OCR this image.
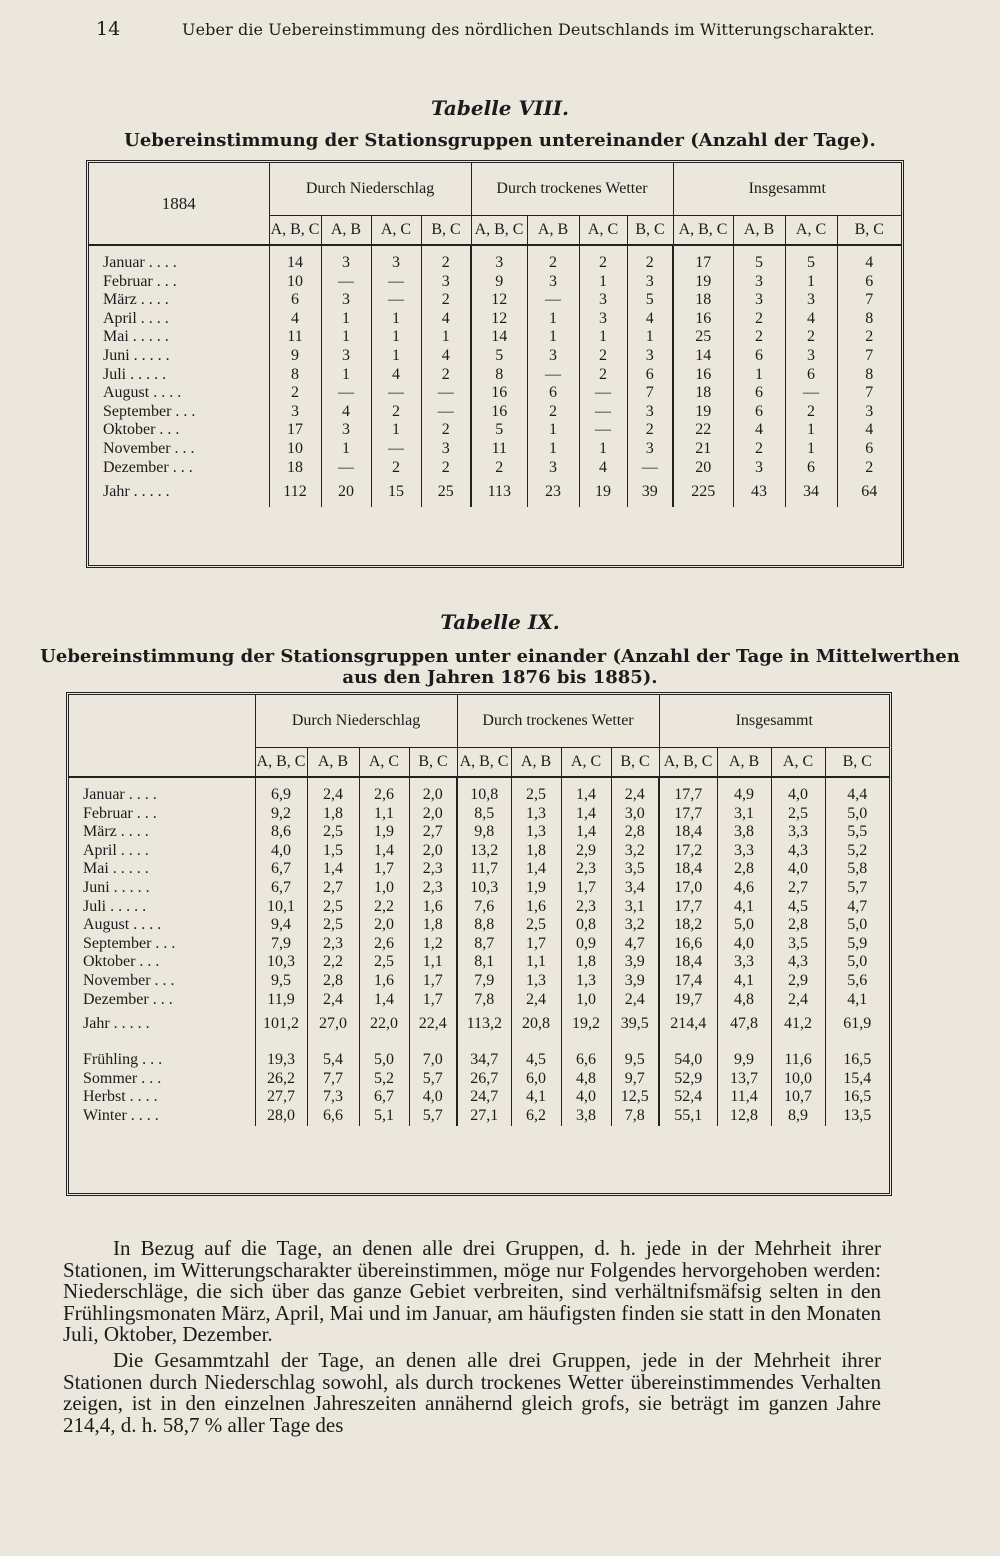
14	Ueber die Uebereinstimmung des nördlichen Deutschlands im Witterungscharakter.
Tabelle VIII.
Uebereinstimmung der Stationsgruppen untereinander (Anzahl der Tage).
1884	Durch Niederschlag				Durch trockenes Wetter				Insgesammt			
	A, B, C	A, B	A, C	B, C	A, B, C	A, B	A, C	B, C	A, B, C	A, B	A, C	B, C

Januar . . . .	14	3	3	2	3	2	2	2	17	5	5	4
Februar . . .	10	—	—	3	9	3	1	3	19	3	1	6
März . . . .	6	3	—	2	12	—	3	5	18	3	3	7
April . . . .	4	1	1	4	12	1	3	4	16	2	4	8
Mai . . . . .	11	1	1	1	14	1	1	1	25	2	2	2
Juni . . . . .	9	3	1	4	5	3	2	3	14	6	3	7
Juli . . . . .	8	1	4	2	8	—	2	6	16	1	6	8
August . . . .	2	—	—	—	16	6	—	7	18	6	—	7
September . . .	3	4	2	—	16	2	—	3	19	6	2	3
Oktober . . .	17	3	1	2	5	1	—	2	22	4	1	4
November . . .	10	1	—	3	11	1	1	3	21	2	1	6
Dezember . . .	18	—	2	2	2	3	4	—	20	3	6	2
Jahr . . . . .	112	20	15	25	113	23	19	39	225	43	34	64
Tabelle IX.
Uebereinstimmung der Stationsgruppen unter einander (Anzahl der Tage in Mittelwerthen
aus den Jahren 1876 bis 1885).
	Durch Niederschlag				Durch trockenes Wetter				Insgesammt			
	A, B, C	A, B	A, C	B, C	A, B, C	A, B	A, C	B, C	A, B, C	A, B	A, C	B, C

Januar . . . .	6,9	2,4	2,6	2,0	10,8	2,5	1,4	2,4	17,7	4,9	4,0	4,4
Februar . . .	9,2	1,8	1,1	2,0	8,5	1,3	1,4	3,0	17,7	3,1	2,5	5,0
März . . . .	8,6	2,5	1,9	2,7	9,8	1,3	1,4	2,8	18,4	3,8	3,3	5,5
April . . . .	4,0	1,5	1,4	2,0	13,2	1,8	2,9	3,2	17,2	3,3	4,3	5,2
Mai . . . . .	6,7	1,4	1,7	2,3	11,7	1,4	2,3	3,5	18,4	2,8	4,0	5,8
Juni . . . . .	6,7	2,7	1,0	2,3	10,3	1,9	1,7	3,4	17,0	4,6	2,7	5,7
Juli . . . . .	10,1	2,5	2,2	1,6	7,6	1,6	2,3	3,1	17,7	4,1	4,5	4,7
August . . . .	9,4	2,5	2,0	1,8	8,8	2,5	0,8	3,2	18,2	5,0	2,8	5,0
September . . .	7,9	2,3	2,6	1,2	8,7	1,7	0,9	4,7	16,6	4,0	3,5	5,9
Oktober . . .	10,3	2,2	2,5	1,1	8,1	1,1	1,8	3,9	18,4	3,3	4,3	5,0
November . . .	9,5	2,8	1,6	1,7	7,9	1,3	1,3	3,9	17,4	4,1	2,9	5,6
Dezember . . .	11,9	2,4	1,4	1,7	7,8	2,4	1,0	2,4	19,7	4,8	2,4	4,1
Jahr . . . . .	101,2	27,0	22,0	22,4	113,2	20,8	19,2	39,5	214,4	47,8	41,2	61,9

Frühling . . .	19,3	5,4	5,0	7,0	34,7	4,5	6,6	9,5	54,0	9,9	11,6	16,5
Sommer . . .	26,2	7,7	5,2	5,7	26,7	6,0	4,8	9,7	52,9	13,7	10,0	15,4
Herbst . . . .	27,7	7,3	6,7	4,0	24,7	4,1	4,0	12,5	52,4	11,4	10,7	16,5
Winter . . . .	28,0	6,6	5,1	5,7	27,1	6,2	3,8	7,8	55,1	12,8	8,9	13,5

In Bezug auf die Tage, an denen alle drei Gruppen, d. h. jede in der Mehrheit ihrer Stationen, im Witterungscharakter übereinstimmen, möge nur Folgendes hervorgehoben werden: Niederschläge, die sich über das ganze Gebiet verbreiten, sind verhältnifsmäfsig selten in den Frühlingsmonaten März, April, Mai und im Januar, am häufigsten finden sie statt in den Monaten Juli, Oktober, Dezember.

Die Gesammtzahl der Tage, an denen alle drei Gruppen, jede in der Mehrheit ihrer Stationen durch Niederschlag sowohl, als durch trockenes Wetter übereinstimmendes Verhalten zeigen, ist in den einzelnen Jahreszeiten annähernd gleich grofs, sie beträgt im ganzen Jahre 214,4, d. h. 58,7 % aller Tage des
